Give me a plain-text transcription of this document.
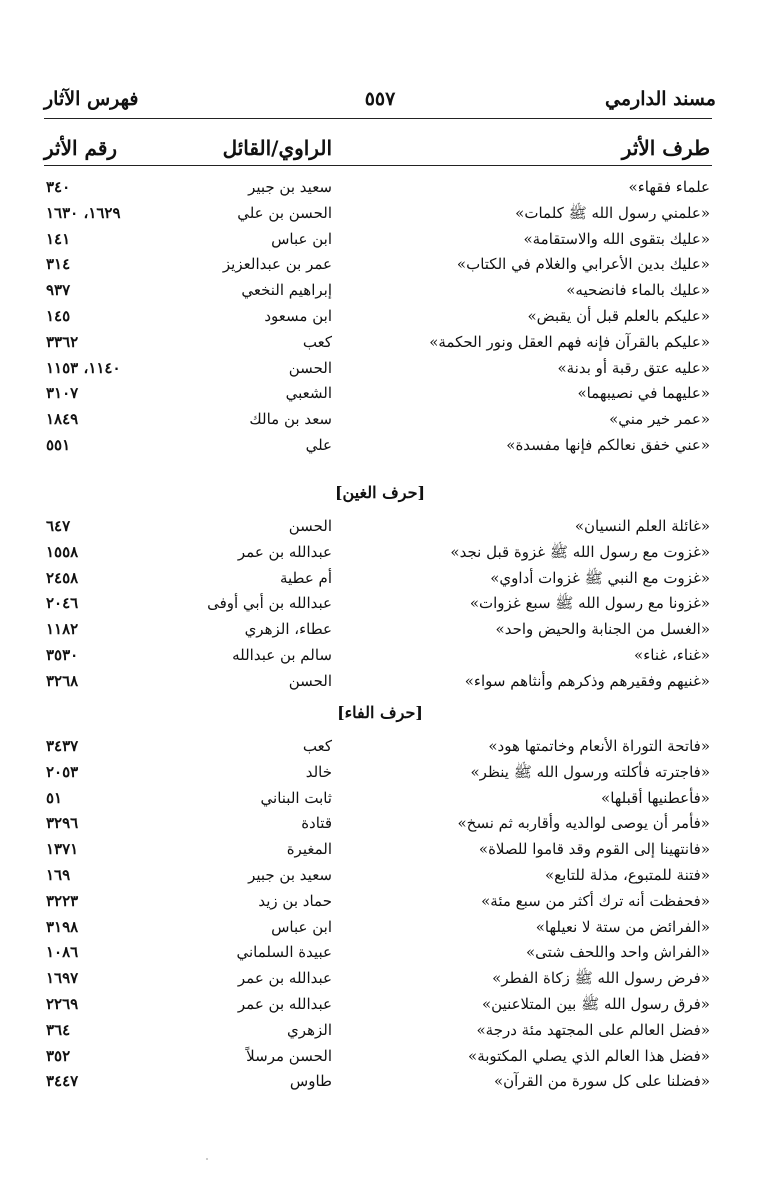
مسند الدارمي
٥٥٧
فهرس الآثار
طرف الأثر
الراوي/القائل
رقم الأثر
علماء فقهاء»
سعيد بن جبير
٣٤٠
«علمني رسول الله ﷺ كلمات»
الحسن بن علي
١٦٢٩، ١٦٣٠
«عليك بتقوى الله والاستقامة»
ابن عباس
١٤١
«عليك بدين الأعرابي والغلام في الكتاب»
عمر بن عبدالعزيز
٣١٤
«عليك بالماء فانضحيه»
إبراهيم النخعي
٩٣٧
«عليكم بالعلم قبل أن يقبض»
ابن مسعود
١٤٥
«عليكم بالقرآن فإنه فهم العقل ونور الحكمة»
كعب
٣٣٦٢
«عليه عتق رقبة أو بدنة»
الحسن
١١٤٠، ١١٥٣
«عليهما في نصيبهما»
الشعبي
٣١٠٧
«عمر خير مني»
سعد بن مالك
١٨٤٩
«عني خفق نعالكم فإنها مفسدة»
علي
٥٥١
[حرف الغين]
«غائلة العلم النسيان»
الحسن
٦٤٧
«غزوت مع رسول الله ﷺ غزوة قبل نجد»
عبدالله بن عمر
١٥٥٨
«غزوت مع النبي ﷺ غزوات أداوي»
أم عطية
٢٤٥٨
«غزونا مع رسول الله ﷺ سبع غزوات»
عبدالله بن أبي أوفى
٢٠٤٦
«الغسل من الجنابة والحيض واحد»
عطاء، الزهري
١١٨٢
«غناء، غناء»
سالم بن عبدالله
٣٥٣٠
«غنيهم وفقيرهم وذكرهم وأنثاهم سواء»
الحسن
٣٢٦٨
[حرف الفاء]
«فاتحة التوراة الأنعام وخاتمتها هود»
كعب
٣٤٣٧
«فاجترته فأكلته ورسول الله ﷺ ينظر»
خالد
٢٠٥٣
«فأعطنيها أقبلها»
ثابت البناني
٥١
«فأمر أن يوصى لوالديه وأقاربه ثم نسخ»
قتادة
٣٢٩٦
«فانتهينا إلى القوم وقد قاموا للصلاة»
المغيرة
١٣٧١
«فتنة للمتبوع، مذلة للتابع»
سعيد بن جبير
١٦٩
«فحفظت أنه ترك أكثر من سبع مئة»
حماد بن زيد
٣٢٢٣
«الفرائض من ستة لا نعيلها»
ابن عباس
٣١٩٨
«الفراش واحد واللحف شتى»
عبيدة السلماني
١٠٨٦
«فرض رسول الله ﷺ زكاة الفطر»
عبدالله بن عمر
١٦٩٧
«فرق رسول الله ﷺ بين المتلاعنين»
عبدالله بن عمر
٢٢٦٩
«فضل العالم على المجتهد مئة درجة»
الزهري
٣٦٤
«فضل هذا العالم الذي يصلي المكتوبة»
الحسن مرسلاً
٣٥٢
«فضلنا على كل سورة من القرآن»
طاوس
٣٤٤٧
